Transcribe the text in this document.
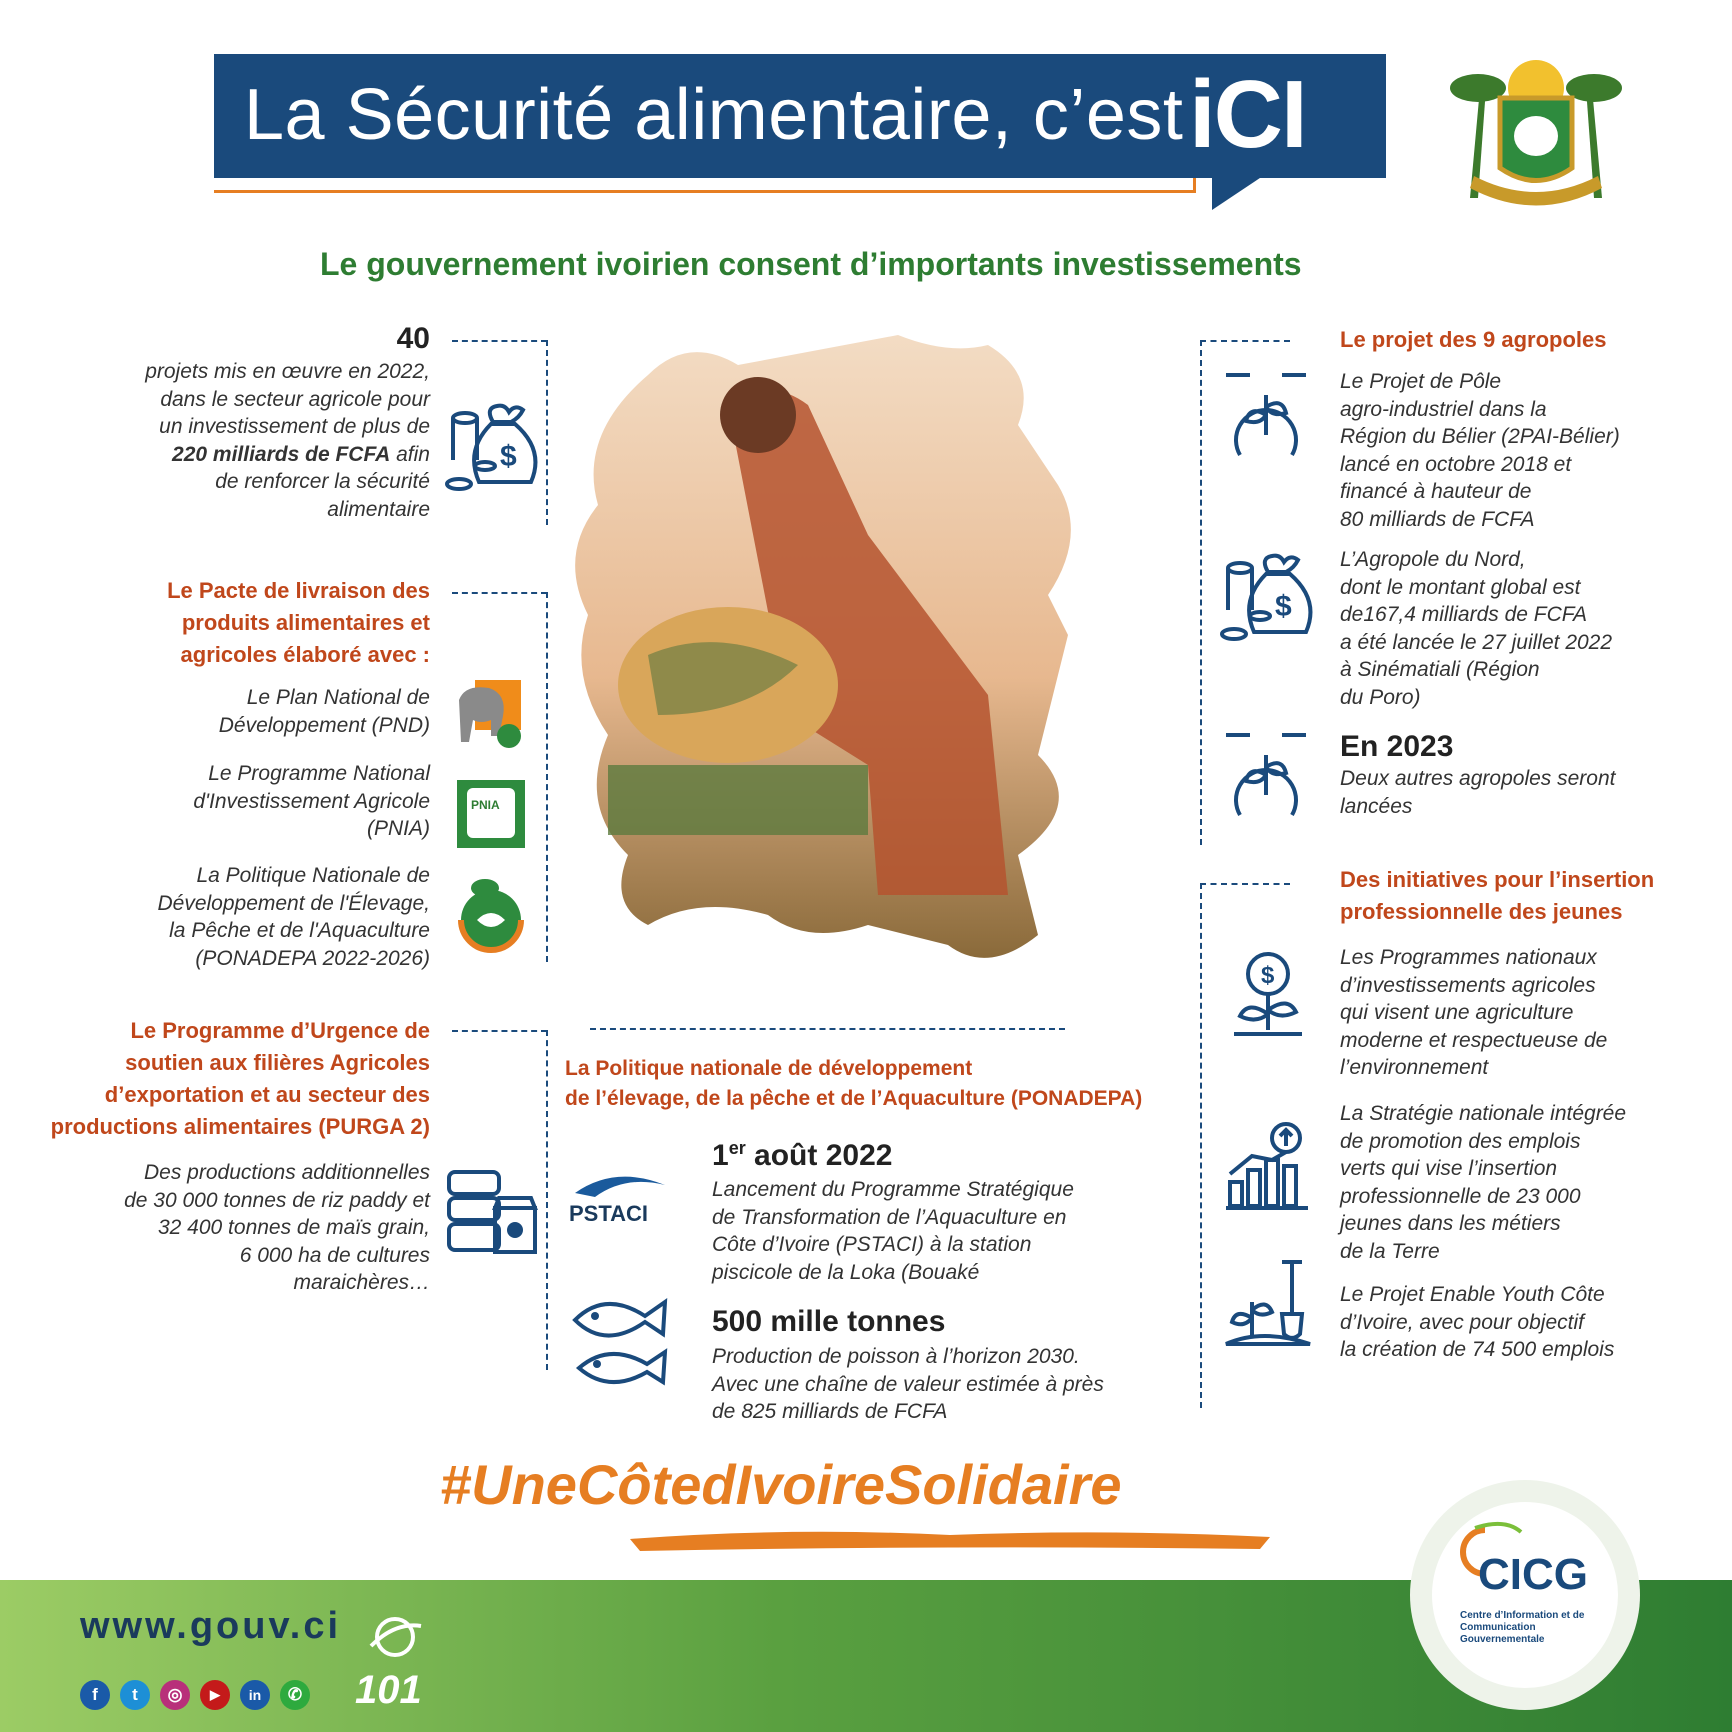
La Sécurité alimentaire, c’est iCI
Le gouvernement ivoirien consent d’importants investissements
40
projets mis en œuvre en 2022,
dans le secteur agricole pour
un investissement de plus de
220 milliards de FCFA afin
de renforcer la sécurité
alimentaire
$
Le Pacte de livraison des
produits alimentaires et
agricoles élaboré avec :
Le Plan National de
Développement (PND)
Le Programme National
d'Investissement Agricole
(PNIA)
PNIA
La Politique Nationale de
Développement de l'Élevage,
la Pêche et de l'Aquaculture
(PONADEPA 2022-2026)
Le Programme d’Urgence de
soutien aux filières Agricoles
d’exportation et au secteur des
productions alimentaires (PURGA 2)
Des productions additionnelles
de 30 000 tonnes de riz paddy et
32 400 tonnes de maïs grain,
6 000 ha de cultures
maraichères…
La Politique nationale de développement
de l’élevage, de la pêche et de l’Aquaculture (PONADEPA)
1er août 2022
Lancement du Programme Stratégique
de Transformation de l’Aquaculture en
Côte d’Ivoire (PSTACI) à la station
piscicole de la Loka (Bouaké
PSTACI
500 mille tonnes
Production de poisson à l’horizon 2030.
Avec une chaîne de valeur estimée à près
de 825 milliards de FCFA
Le projet des 9 agropoles
Le Projet de Pôle
agro-industriel dans la
Région du Bélier (2PAI-Bélier)
lancé en octobre 2018 et
financé à hauteur de
80 milliards de FCFA
$
L’Agropole du Nord,
dont le montant global est
de167,4 milliards de FCFA
a été lancée le 27 juillet 2022
à Sinématiali (Région
du Poro)
En 2023
Deux autres agropoles seront
lancées
Des initiatives pour l’insertion
professionnelle des jeunes
$
Les Programmes nationaux
d’investissements agricoles
qui visent une agriculture
moderne et respectueuse de
l’environnement
La Stratégie nationale intégrée
de promotion des emplois
verts qui vise l’insertion
professionnelle de 23 000
jeunes dans les métiers
de la Terre
Le Projet Enable Youth Côte
d’Ivoire, avec pour objectif
la création de 74 500 emplois
#UneCôtedIvoireSolidaire
www.gouv.ci
f	t	◎	▶	in	✆ 101
CICG
Centre d’Information et de Communication Gouvernementale
